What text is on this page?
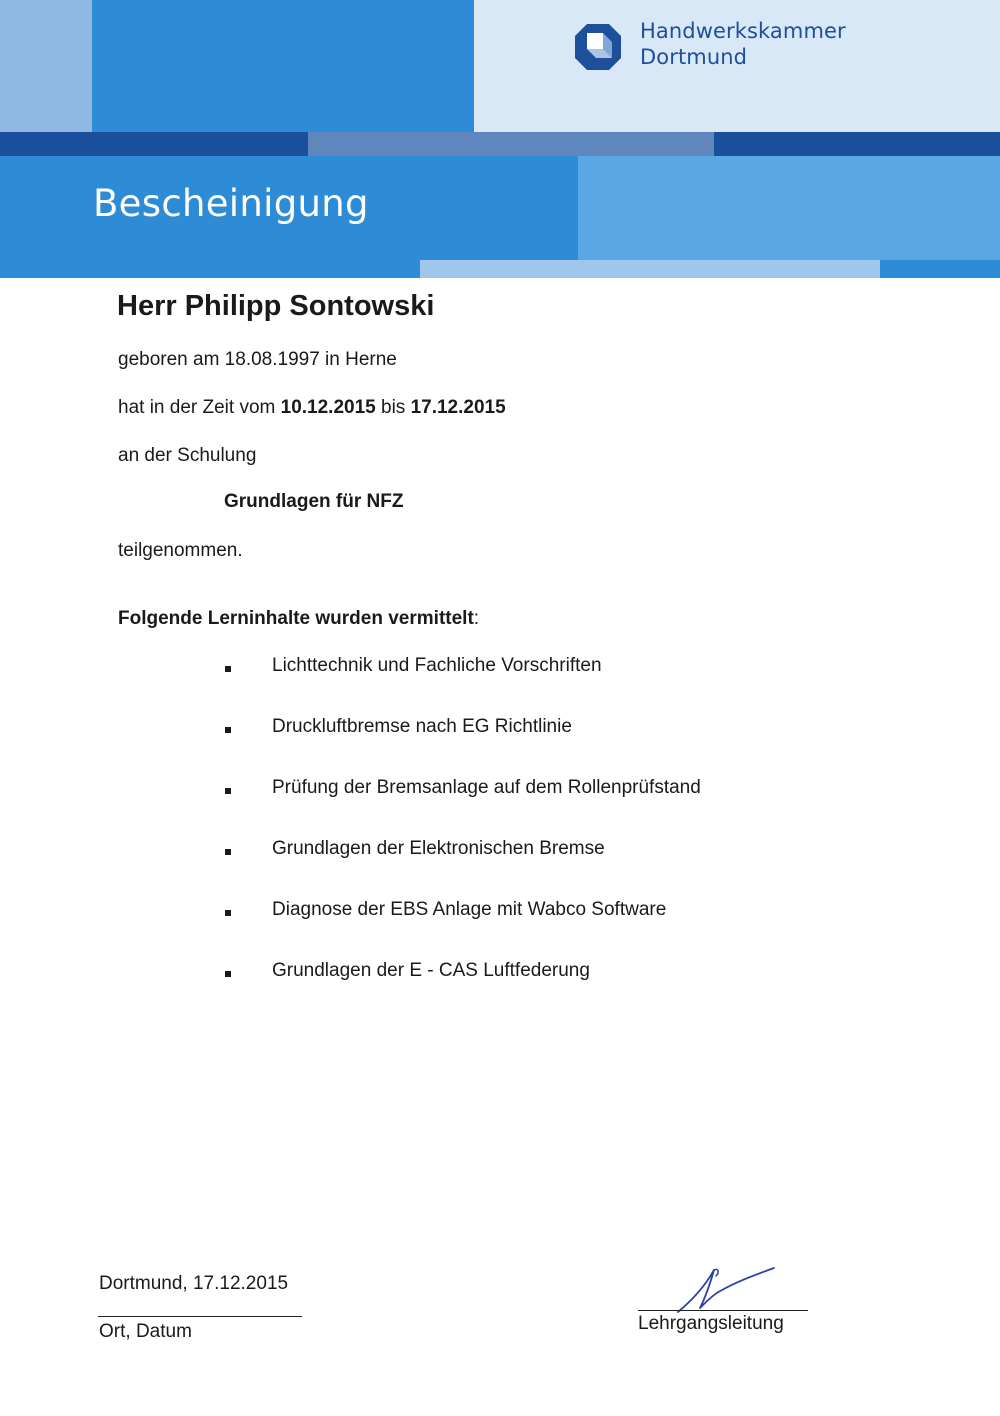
Handwerkskammer
Dortmund
Bescheinigung
Herr Philipp Sontowski
geboren am 18.08.1997 in Herne
hat in der Zeit vom 10.12.2015 bis 17.12.2015
an der Schulung
Grundlagen für NFZ
teilgenommen.
Folgende Lerninhalte wurden vermittelt:
Lichttechnik und Fachliche Vorschriften
Druckluftbremse nach EG Richtlinie
Prüfung der Bremsanlage auf dem Rollenprüfstand
Grundlagen der Elektronischen Bremse
Diagnose der EBS Anlage mit Wabco Software
Grundlagen der E - CAS Luftfederung
Dortmund, 17.12.2015
Ort, Datum	Lehrgangsleitung
